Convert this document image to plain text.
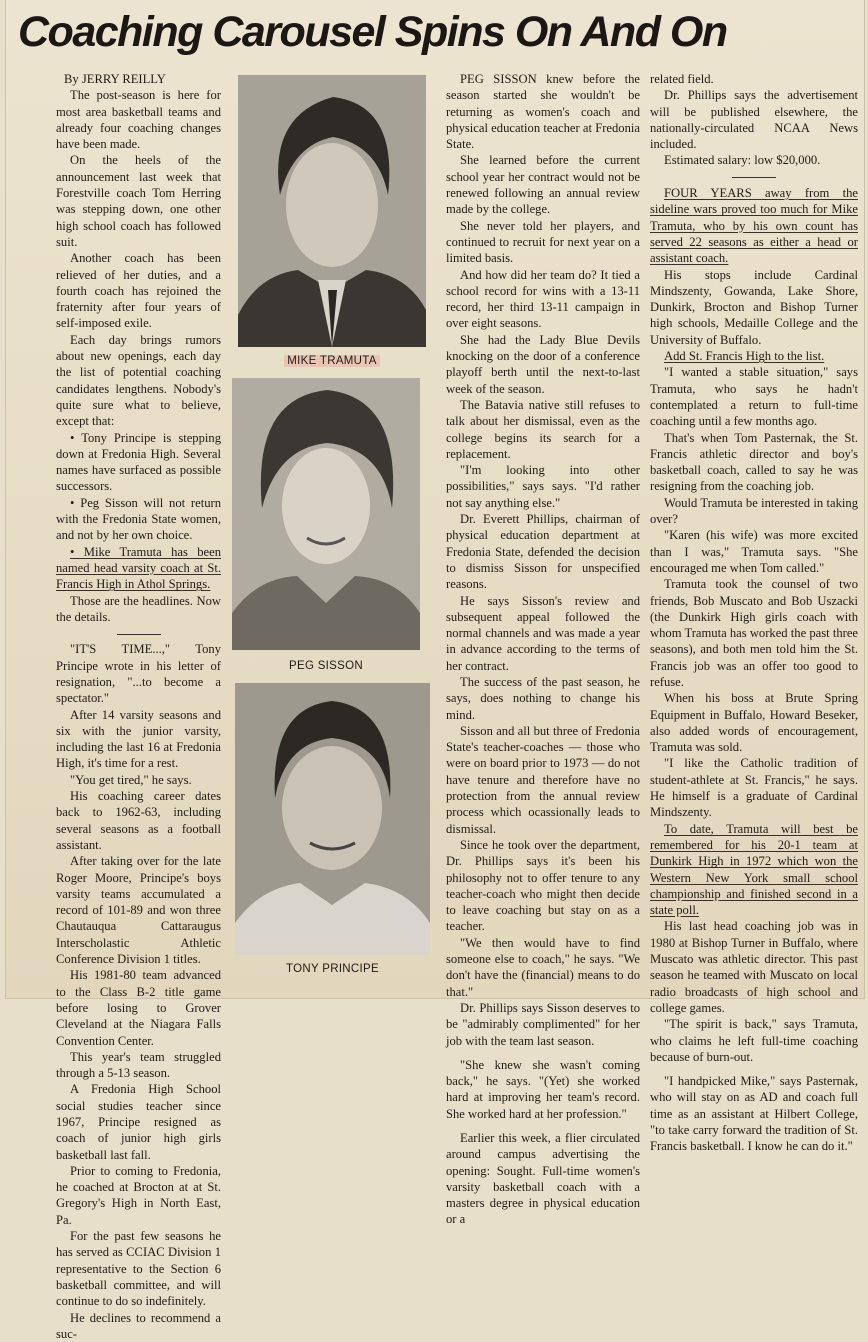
Coaching Carousel Spins On And On

By JERRY REILLY

The post-season is here for most area basketball teams and already four coaching changes have been made.

On the heels of the announcement last week that Forestville coach Tom Herring was stepping down, one other high school coach has followed suit.

Another coach has been relieved of her duties, and a fourth coach has rejoined the fraternity after four years of self-imposed exile.

Each day brings rumors about new openings, each day the list of potential coaching candidates lengthens. Nobody's quite sure what to believe, except that:

• Tony Principe is stepping down at Fredonia High. Several names have surfaced as possible successors.

• Peg Sisson will not return with the Fredonia State women, and not by her own choice.

• Mike Tramuta has been named head varsity coach at St. Francis High in Athol Springs.

Those are the headlines. Now the details.

"IT'S TIME...," Tony Principe wrote in his letter of resignation, "...to become a spectator."

After 14 varsity seasons and six with the junior varsity, including the last 16 at Fredonia High, it's time for a rest.

"You get tired," he says.

His coaching career dates back to 1962-63, including several seasons as a football assistant.

After taking over for the late Roger Moore, Principe's boys varsity teams accumulated a record of 101-89 and won three Chautauqua Cattaraugus Interscholastic Athletic Conference Division 1 titles.

His 1981-80 team advanced to the Class B-2 title game before losing to Grover Cleveland at the Niagara Falls Convention Center.

This year's team struggled through a 5-13 season.

A Fredonia High School social studies teacher since 1967, Principe resigned as coach of junior high girls basketball last fall.

Prior to coming to Fredonia, he coached at Brocton at at St. Gregory's High in North East, Pa.

For the past few seasons he has served as CCIAC Division 1 representative to the Section 6 basketball committee, and will continue to do so indefinitely.

He declines to recommend a suc-

MIKE TRAMUTA
PEG SISSON
TONY PRINCIPE

PEG SISSON knew before the season started she wouldn't be returning as women's coach and physical education teacher at Fredonia State.

She learned before the current school year her contract would not be renewed following an annual review made by the college.

She never told her players, and continued to recruit for next year on a limited basis.

And how did her team do? It tied a school record for wins with a 13-11 record, her third 13-11 campaign in over eight seasons.

She had the Lady Blue Devils knocking on the door of a conference playoff berth until the next-to-last week of the season.

The Batavia native still refuses to talk about her dismissal, even as the college begins its search for a replacement.

"I'm looking into other possibilities," says says. "I'd rather not say anything else."

Dr. Everett Phillips, chairman of physical education department at Fredonia State, defended the decision to dismiss Sisson for unspecified reasons.

He says Sisson's review and subsequent appeal followed the normal channels and was made a year in advance according to the terms of her contract.

The success of the past season, he says, does nothing to change his mind.

Sisson and all but three of Fredonia State's teacher-coaches — those who were on board prior to 1973 — do not have tenure and therefore have no protection from the annual review process which ocassionally leads to dismissal.

Since he took over the department, Dr. Phillips says it's been his philosophy not to offer tenure to any teacher-coach who might then decide to leave coaching but stay on as a teacher.

"We then would have to find someone else to coach," he says. "We don't have the (financial) means to do that."

Dr. Phillips says Sisson deserves to be "admirably complimented" for her job with the team last season.

"She knew she wasn't coming back," he says. "(Yet) she worked hard at improving her team's record. She worked hard at her profession."

Earlier this week, a flier circulated around campus advertising the opening: Sought. Full-time women's varsity basketball coach with a masters degree in physical education or a

related field.

Dr. Phillips says the advertisement will be published elsewhere, the nationally-circulated NCAA News included.

Estimated salary: low $20,000.

FOUR YEARS away from the sideline wars proved too much for Mike Tramuta, who by his own count has served 22 seasons as either a head or assistant coach.

His stops include Cardinal Mindszenty, Gowanda, Lake Shore, Dunkirk, Brocton and Bishop Turner high schools, Medaille College and the University of Buffalo.

Add St. Francis High to the list.

"I wanted a stable situation," says Tramuta, who says he hadn't contemplated a return to full-time coaching until a few months ago.

That's when Tom Pasternak, the St. Francis athletic director and boy's basketball coach, called to say he was resigning from the coaching job.

Would Tramuta be interested in taking over?

"Karen (his wife) was more excited than I was," Tramuta says. "She encouraged me when Tom called."

Tramuta took the counsel of two friends, Bob Muscato and Bob Uszacki (the Dunkirk High girls coach with whom Tramuta has worked the past three seasons), and both men told him the St. Francis job was an offer too good to refuse.

When his boss at Brute Spring Equipment in Buffalo, Howard Beseker, also added words of encouragement, Tramuta was sold.

"I like the Catholic tradition of student-athlete at St. Francis," he says. He himself is a graduate of Cardinal Mindszenty.

To date, Tramuta will best be remembered for his 20-1 team at Dunkirk High in 1972 which won the Western New York small school championship and finished second in a state poll.

His last head coaching job was in 1980 at Bishop Turner in Buffalo, where Muscato was athletic director. This past season he teamed with Muscato on local radio broadcasts of high school and college games.

"The spirit is back," says Tramuta, who claims he left full-time coaching because of burn-out.

"I handpicked Mike," says Pasternak, who will stay on as AD and coach full time as an assistant at Hilbert College, "to take carry forward the tradition of St. Francis basketball. I know he can do it."
